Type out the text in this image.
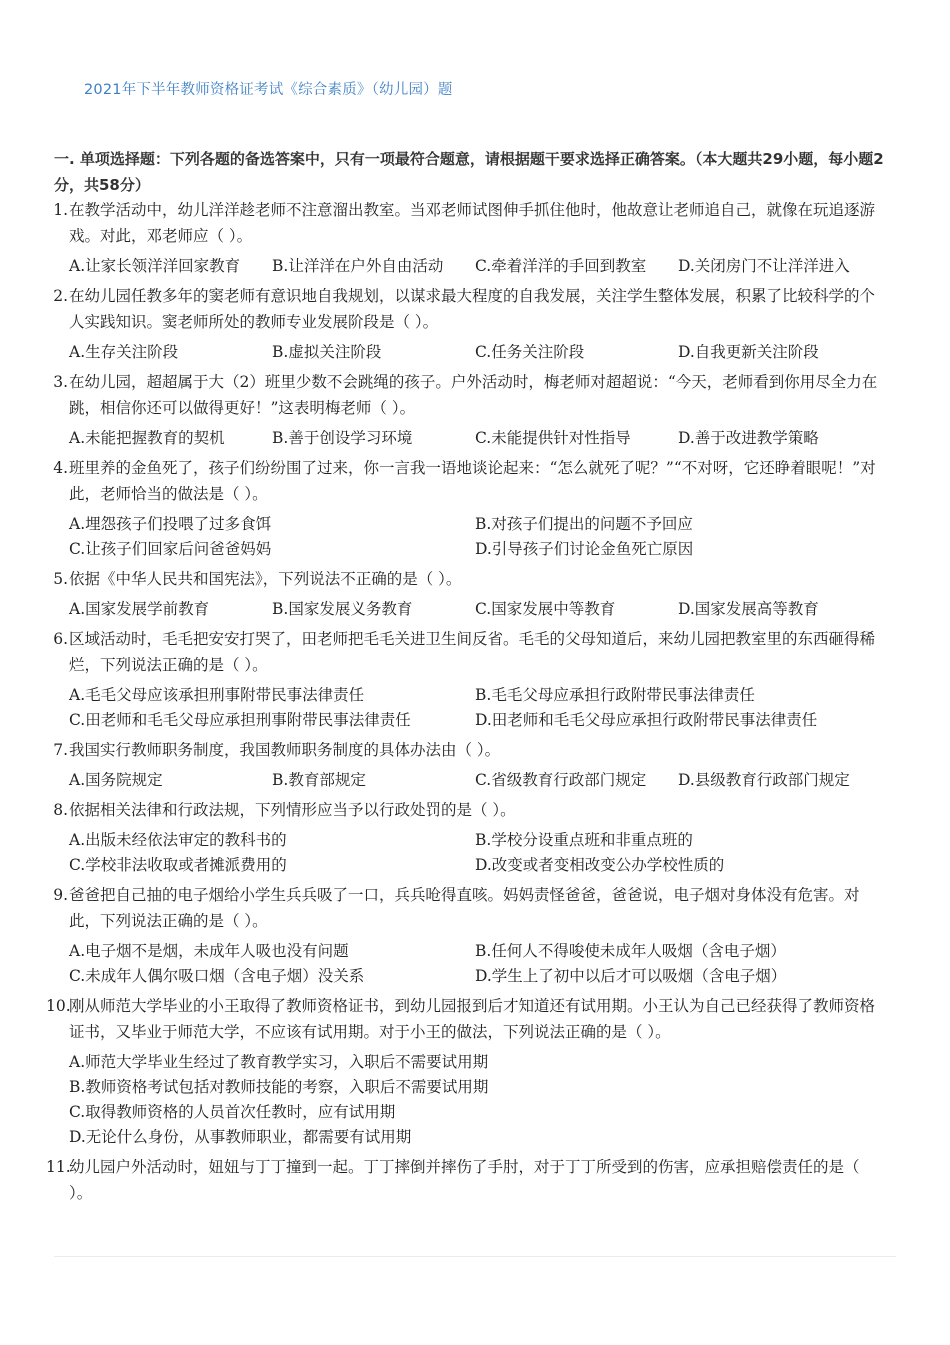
2021年下半年教师资格证考试《综合素质》（幼儿园）题
一. 单项选择题：下列各题的备选答案中，只有一项最符合题意，请根据题干要求选择正确答案。（本大题共29小题，每小题2分，共58分）
1. 在教学活动中，幼儿洋洋趁老师不注意溜出教室。当邓老师试图伸手抓住他时，他故意让老师追自己，就像在玩追逐游戏。对此，邓老师应（ ）。
A.让家长领洋洋回家教育	B.让洋洋在户外自由活动	C.牵着洋洋的手回到教室	D.关闭房门不让洋洋进入
2. 在幼儿园任教多年的窦老师有意识地自我规划，以谋求最大程度的自我发展，关注学生整体发展，积累了比较科学的个人实践知识。窦老师所处的教师专业发展阶段是（ ）。
A.生存关注阶段	B.虚拟关注阶段	C.任务关注阶段	D.自我更新关注阶段
3. 在幼儿园，超超属于大（2）班里少数不会跳绳的孩子。户外活动时，梅老师对超超说：“今天，老师看到你用尽全力在跳，相信你还可以做得更好！”这表明梅老师（ ）。
A.未能把握教育的契机	B.善于创设学习环境	C.未能提供针对性指导	D.善于改进教学策略
4. 班里养的金鱼死了，孩子们纷纷围了过来，你一言我一语地谈论起来：“怎么就死了呢？”“不对呀，它还睁着眼呢！”对此，老师恰当的做法是（ ）。
A.埋怨孩子们投喂了过多食饵	B.对孩子们提出的问题不予回应
C.让孩子们回家后问爸爸妈妈	D.引导孩子们讨论金鱼死亡原因
5. 依据《中华人民共和国宪法》，下列说法不正确的是（ ）。
A.国家发展学前教育	B.国家发展义务教育	C.国家发展中等教育	D.国家发展高等教育
6. 区域活动时，毛毛把安安打哭了，田老师把毛毛关进卫生间反省。毛毛的父母知道后，来幼儿园把教室里的东西砸得稀烂，下列说法正确的是（ ）。
A.毛毛父母应该承担刑事附带民事法律责任	B.毛毛父母应承担行政附带民事法律责任
C.田老师和毛毛父母应承担刑事附带民事法律责任	D.田老师和毛毛父母应承担行政附带民事法律责任
7. 我国实行教师职务制度，我国教师职务制度的具体办法由（ ）。
A.国务院规定	B.教育部规定	C.省级教育行政部门规定	D.县级教育行政部门规定
8. 依据相关法律和行政法规，下列情形应当予以行政处罚的是（ ）。
A.出版未经依法审定的教科书的	B.学校分设重点班和非重点班的
C.学校非法收取或者摊派费用的	D.改变或者变相改变公办学校性质的
9. 爸爸把自己抽的电子烟给小学生兵兵吸了一口，兵兵呛得直咳。妈妈责怪爸爸，爸爸说，电子烟对身体没有危害。对此，下列说法正确的是（ ）。
A.电子烟不是烟，未成年人吸也没有问题	B.任何人不得唆使未成年人吸烟（含电子烟）
C.未成年人偶尔吸口烟（含电子烟）没关系	D.学生上了初中以后才可以吸烟（含电子烟）
10.
刚从师范大学毕业的小王取得了教师资格证书，到幼儿园报到后才知道还有试用期。小王认为自己已经获得了教师资格证书，又毕业于师范大学，不应该有试用期。对于小王的做法，下列说法正确的是（ ）。
A.师范大学毕业生经过了教育教学实习，入职后不需要试用期
B.教师资格考试包括对教师技能的考察，入职后不需要试用期
C.取得教师资格的人员首次任教时，应有试用期
D.无论什么身份，从事教师职业，都需要有试用期
11.
幼儿园户外活动时，妞妞与丁丁撞到一起。丁丁摔倒并摔伤了手肘，对于丁丁所受到的伤害，应承担赔偿责任的是（ ）。
